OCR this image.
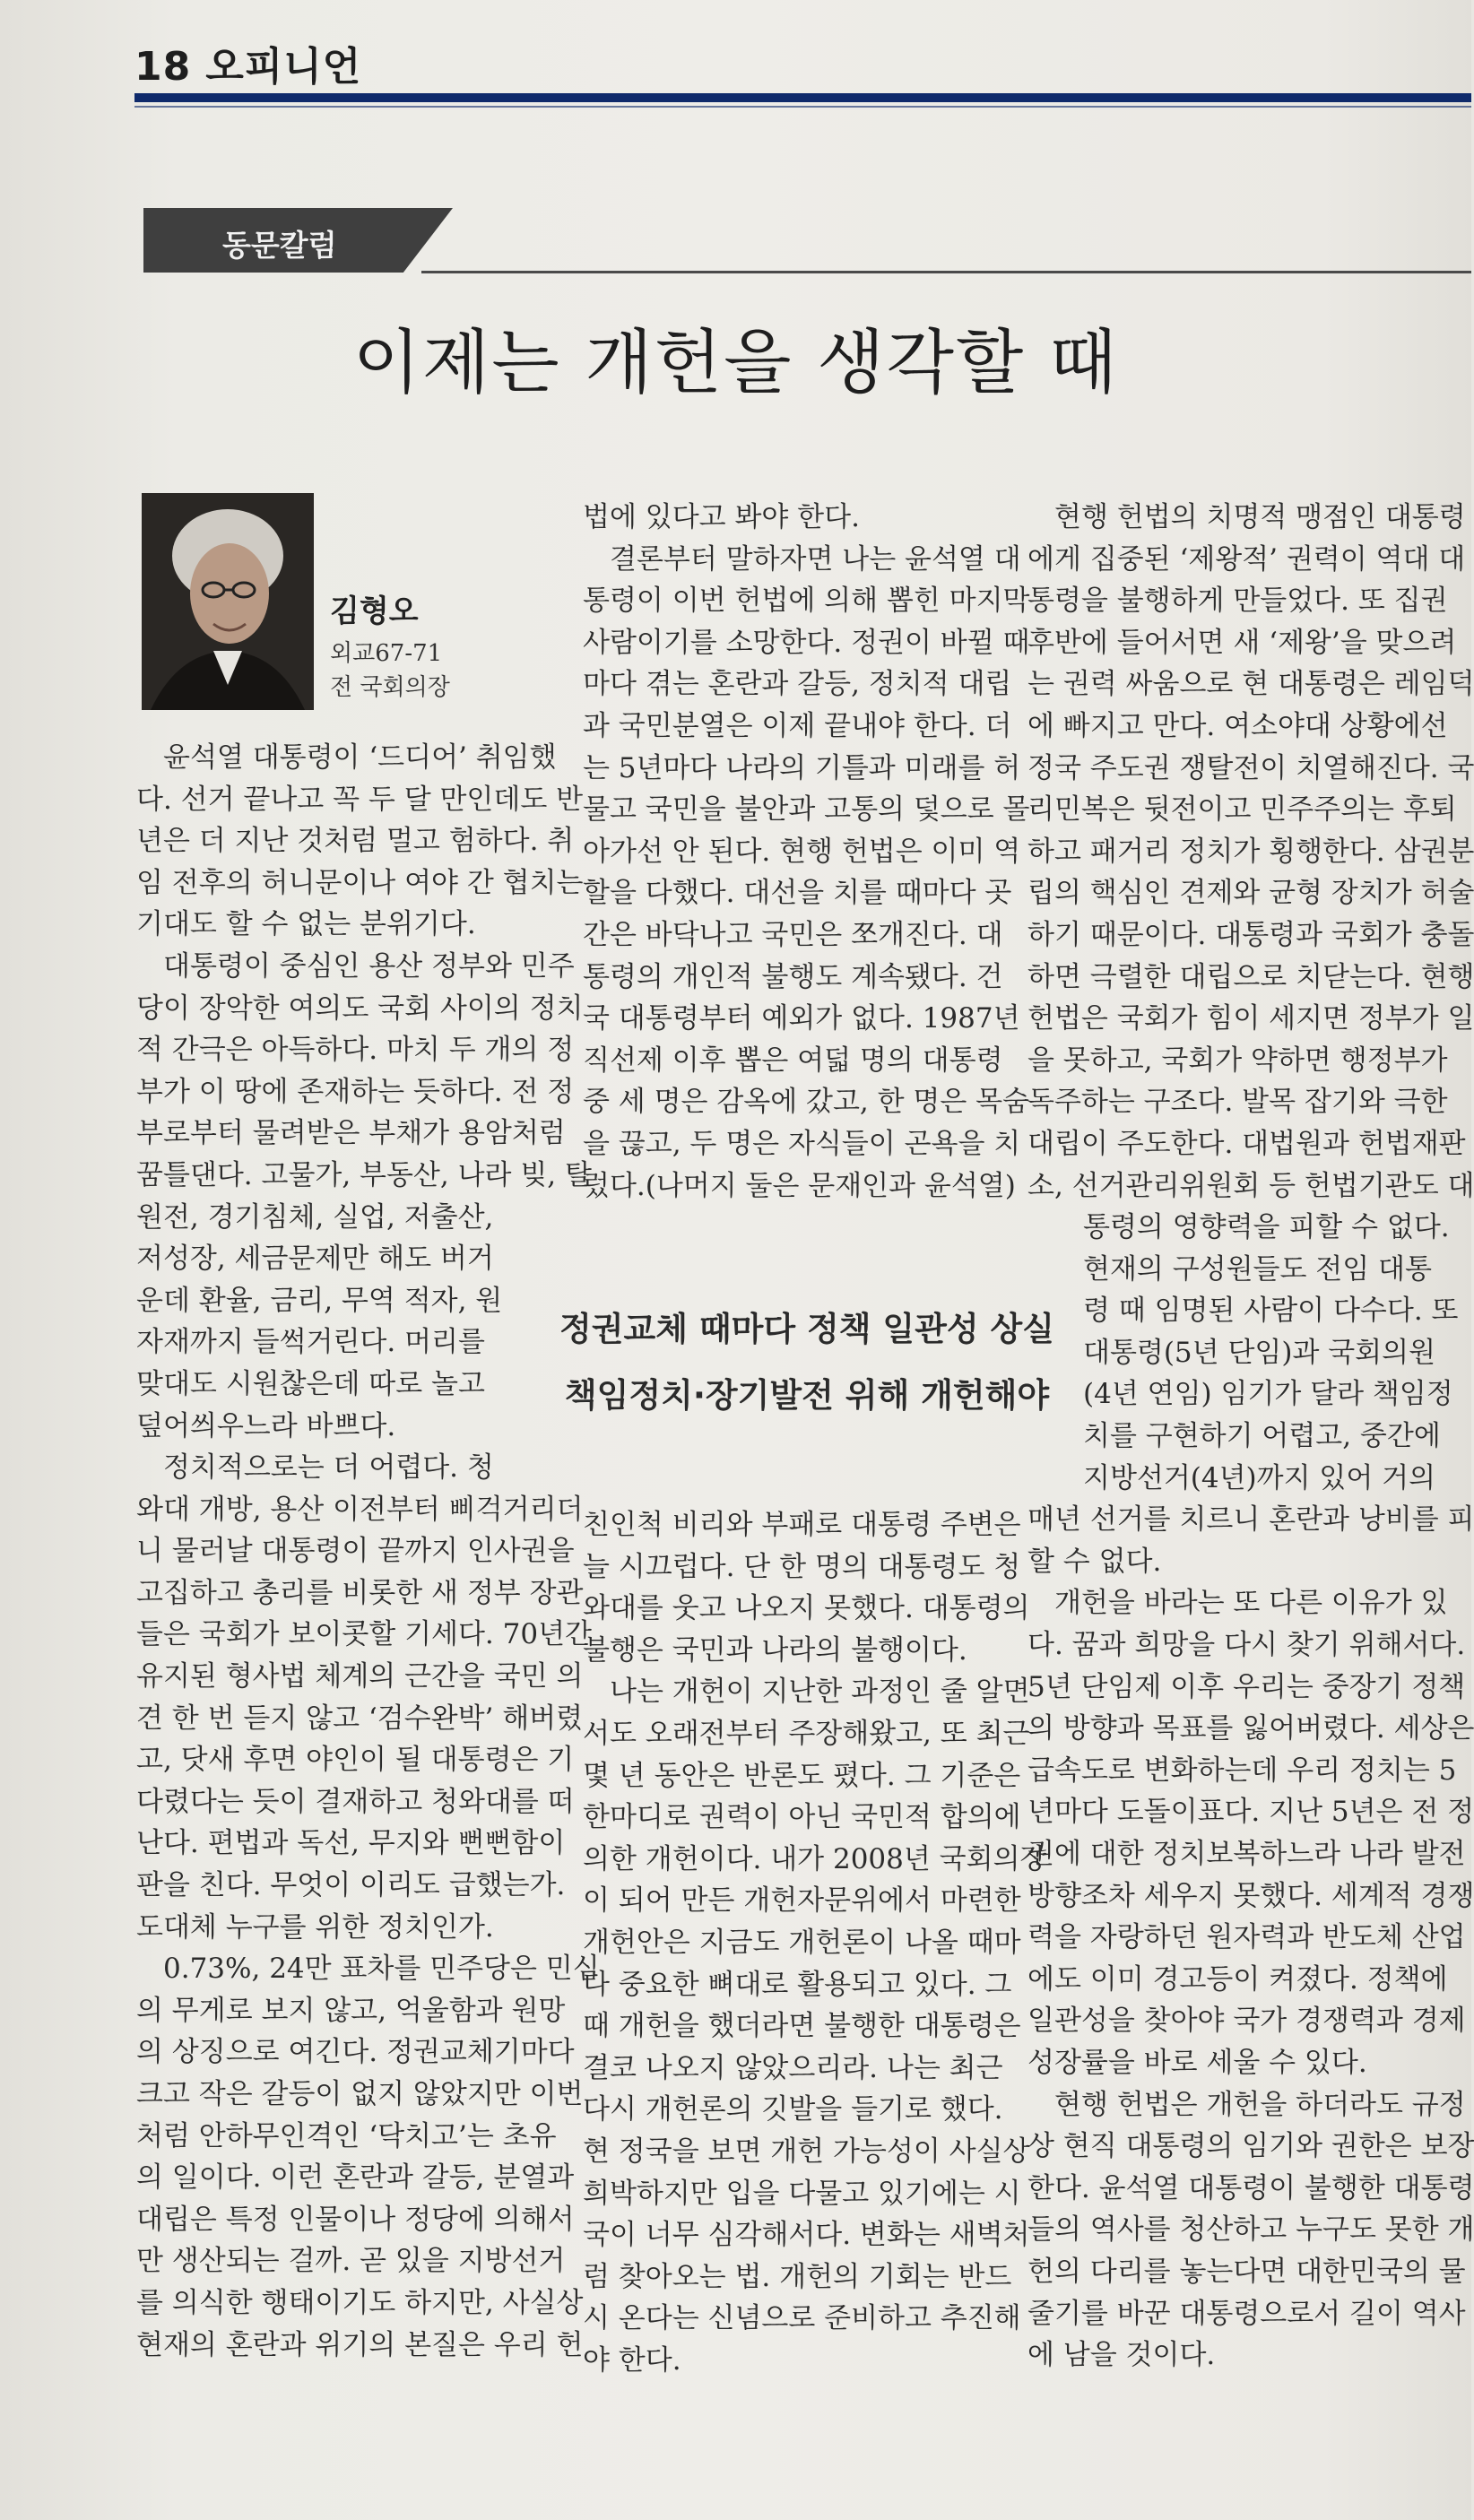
18 오피니언
동문칼럼
이제는 개헌을 생각할 때
김형오
외교67-71
전 국회의장
윤석열 대통령이 ‘드디어’ 취임했
다. 선거 끝나고 꼭 두 달 만인데도 반
년은 더 지난 것처럼 멀고 험하다. 취
임 전후의 허니문이나 여야 간 협치는
기대도 할 수 없는 분위기다.
대통령이 중심인 용산 정부와 민주
당이 장악한 여의도 국회 사이의 정치
적 간극은 아득하다. 마치 두 개의 정
부가 이 땅에 존재하는 듯하다. 전 정
부로부터 물려받은 부채가 용암처럼
꿈틀댄다. 고물가, 부동산, 나라 빚, 탈
원전, 경기침체, 실업, 저출산,
저성장, 세금문제만 해도 버거
운데 환율, 금리, 무역 적자, 원
자재까지 들썩거린다. 머리를
맞대도 시원찮은데 따로 놀고
덮어씌우느라 바쁘다.
정치적으로는 더 어렵다. 청
와대 개방, 용산 이전부터 삐걱거리더
니 물러날 대통령이 끝까지 인사권을
고집하고 총리를 비롯한 새 정부 장관
들은 국회가 보이콧할 기세다. 70년간
유지된 형사법 체계의 근간을 국민 의
견 한 번 듣지 않고 ‘검수완박’ 해버렸
고, 닷새 후면 야인이 될 대통령은 기
다렸다는 듯이 결재하고 청와대를 떠
난다. 편법과 독선, 무지와 뻔뻔함이
판을 친다. 무엇이 이리도 급했는가.
도대체 누구를 위한 정치인가.
0.73%, 24만 표차를 민주당은 민심
의 무게로 보지 않고, 억울함과 원망
의 상징으로 여긴다. 정권교체기마다
크고 작은 갈등이 없지 않았지만 이번
처럼 안하무인격인 ‘닥치고’는 초유
의 일이다. 이런 혼란과 갈등, 분열과
대립은 특정 인물이나 정당에 의해서
만 생산되는 걸까. 곧 있을 지방선거
를 의식한 행태이기도 하지만, 사실상
현재의 혼란과 위기의 본질은 우리 헌
법에 있다고 봐야 한다.
결론부터 말하자면 나는 윤석열 대
통령이 이번 헌법에 의해 뽑힌 마지막
사람이기를 소망한다. 정권이 바뀔 때
마다 겪는 혼란과 갈등, 정치적 대립
과 국민분열은 이제 끝내야 한다. 더
는 5년마다 나라의 기틀과 미래를 허
물고 국민을 불안과 고통의 덫으로 몰
아가선 안 된다. 현행 헌법은 이미 역
할을 다했다. 대선을 치를 때마다 곳
간은 바닥나고 국민은 쪼개진다. 대
통령의 개인적 불행도 계속됐다. 건
국 대통령부터 예외가 없다. 1987년
직선제 이후 뽑은 여덟 명의 대통령
중 세 명은 감옥에 갔고, 한 명은 목숨
을 끊고, 두 명은 자식들이 곤욕을 치
렀다.(나머지 둘은 문재인과 윤석열)
정권교체 때마다 정책 일관성 상실
책임정치·장기발전 위해 개헌해야
친인척 비리와 부패로 대통령 주변은
늘 시끄럽다. 단 한 명의 대통령도 청
와대를 웃고 나오지 못했다. 대통령의
불행은 국민과 나라의 불행이다.
나는 개헌이 지난한 과정인 줄 알면
서도 오래전부터 주장해왔고, 또 최근
몇 년 동안은 반론도 폈다. 그 기준은
한마디로 권력이 아닌 국민적 합의에
의한 개헌이다. 내가 2008년 국회의장
이 되어 만든 개헌자문위에서 마련한
개헌안은 지금도 개헌론이 나올 때마
다 중요한 뼈대로 활용되고 있다. 그
때 개헌을 했더라면 불행한 대통령은
결코 나오지 않았으리라. 나는 최근
다시 개헌론의 깃발을 들기로 했다.
현 정국을 보면 개헌 가능성이 사실상
희박하지만 입을 다물고 있기에는 시
국이 너무 심각해서다. 변화는 새벽처
럼 찾아오는 법. 개헌의 기회는 반드
시 온다는 신념으로 준비하고 추진해
야 한다.
현행 헌법의 치명적 맹점인 대통령
에게 집중된 ‘제왕적’ 권력이 역대 대
통령을 불행하게 만들었다. 또 집권
후반에 들어서면 새 ‘제왕’을 맞으려
는 권력 싸움으로 현 대통령은 레임덕
에 빠지고 만다. 여소야대 상황에선
정국 주도권 쟁탈전이 치열해진다. 국
리민복은 뒷전이고 민주주의는 후퇴
하고 패거리 정치가 횡행한다. 삼권분
립의 핵심인 견제와 균형 장치가 허술
하기 때문이다. 대통령과 국회가 충돌
하면 극렬한 대립으로 치닫는다. 현행
헌법은 국회가 힘이 세지면 정부가 일
을 못하고, 국회가 약하면 행정부가
독주하는 구조다. 발목 잡기와 극한
대립이 주도한다. 대법원과 헌법재판
소, 선거관리위원회 등 헌법기관도 대
통령의 영향력을 피할 수 없다.
현재의 구성원들도 전임 대통
령 때 임명된 사람이 다수다. 또
대통령(5년 단임)과 국회의원
(4년 연임) 임기가 달라 책임정
치를 구현하기 어렵고, 중간에
지방선거(4년)까지 있어 거의
매년 선거를 치르니 혼란과 낭비를 피
할 수 없다.
개헌을 바라는 또 다른 이유가 있
다. 꿈과 희망을 다시 찾기 위해서다.
5년 단임제 이후 우리는 중장기 정책
의 방향과 목표를 잃어버렸다. 세상은
급속도로 변화하는데 우리 정치는 5
년마다 도돌이표다. 지난 5년은 전 정
권에 대한 정치보복하느라 나라 발전
방향조차 세우지 못했다. 세계적 경쟁
력을 자랑하던 원자력과 반도체 산업
에도 이미 경고등이 켜졌다. 정책에
일관성을 찾아야 국가 경쟁력과 경제
성장률을 바로 세울 수 있다.
현행 헌법은 개헌을 하더라도 규정
상 현직 대통령의 임기와 권한은 보장
한다. 윤석열 대통령이 불행한 대통령
들의 역사를 청산하고 누구도 못한 개
헌의 다리를 놓는다면 대한민국의 물
줄기를 바꾼 대통령으로서 길이 역사
에 남을 것이다.
